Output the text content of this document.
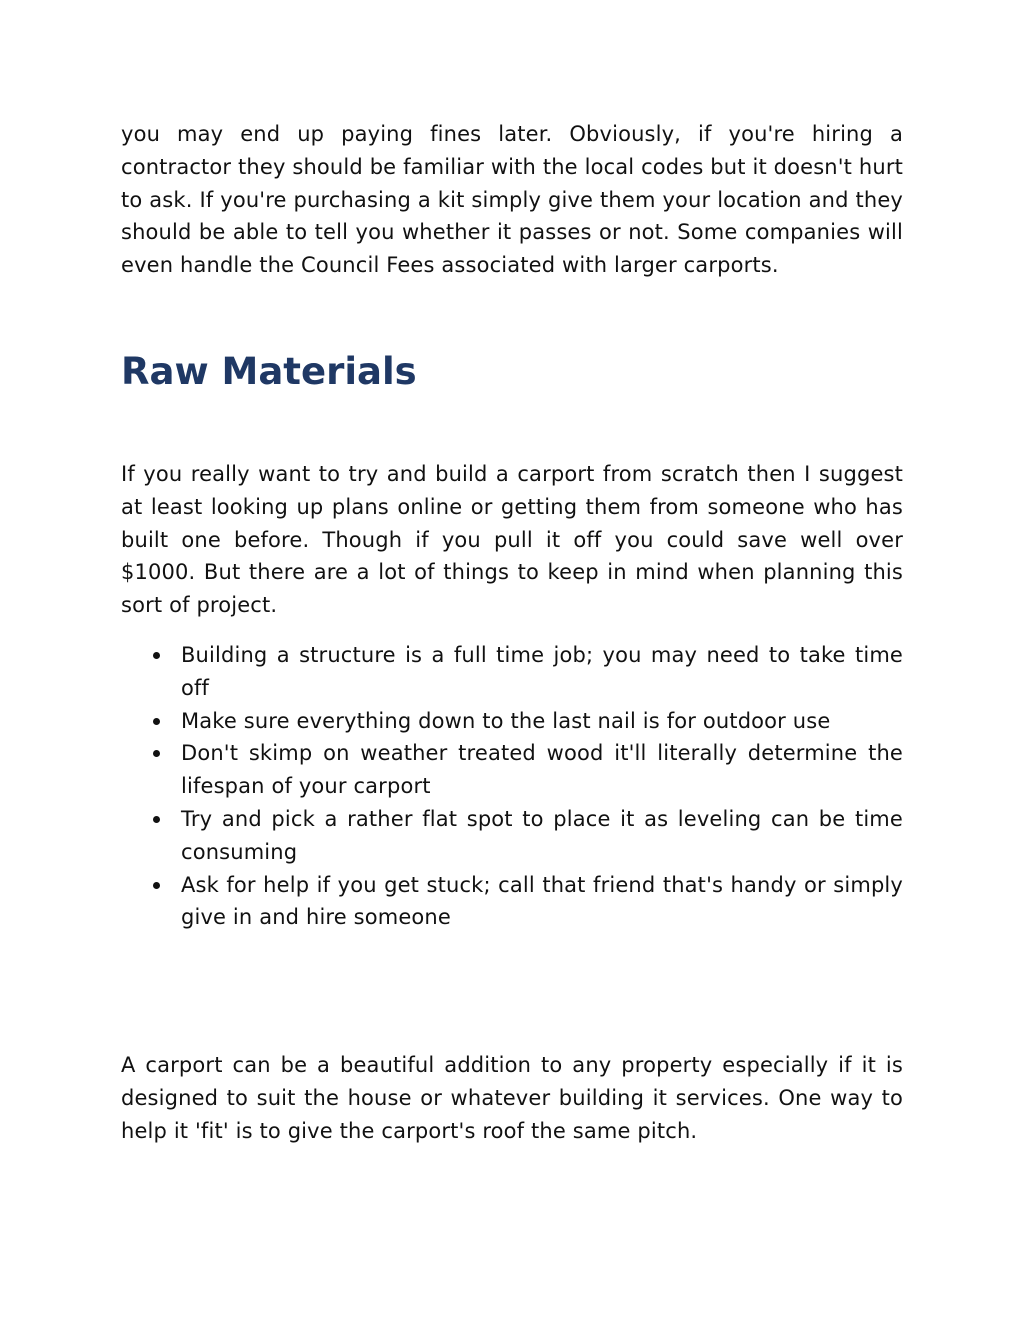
you may end up paying fines later. Obviously, if you're hiring a contractor they should be familiar with the local codes but it doesn't hurt to ask. If you're purchasing a kit simply give them your location and they should be able to tell you whether it passes or not. Some companies will even handle the Council Fees associated with larger carports.

Raw Materials

If you really want to try and build a carport from scratch then I suggest at least looking up plans online or getting them from someone who has built one before. Though if you pull it off you could save well over $1000. But there are a lot of things to keep in mind when planning this sort of project.

Building a structure is a full time job; you may need to take time off
Make sure everything down to the last nail is for outdoor use
Don't skimp on weather treated wood it'll literally determine the lifespan of your carport
Try and pick a rather flat spot to place it as leveling can be time consuming
Ask for help if you get stuck; call that friend that's handy or simply give in and hire someone

A carport can be a beautiful addition to any property especially if it is designed to suit the house or whatever building it services. One way to help it 'fit' is to give the carport's roof the same pitch.
